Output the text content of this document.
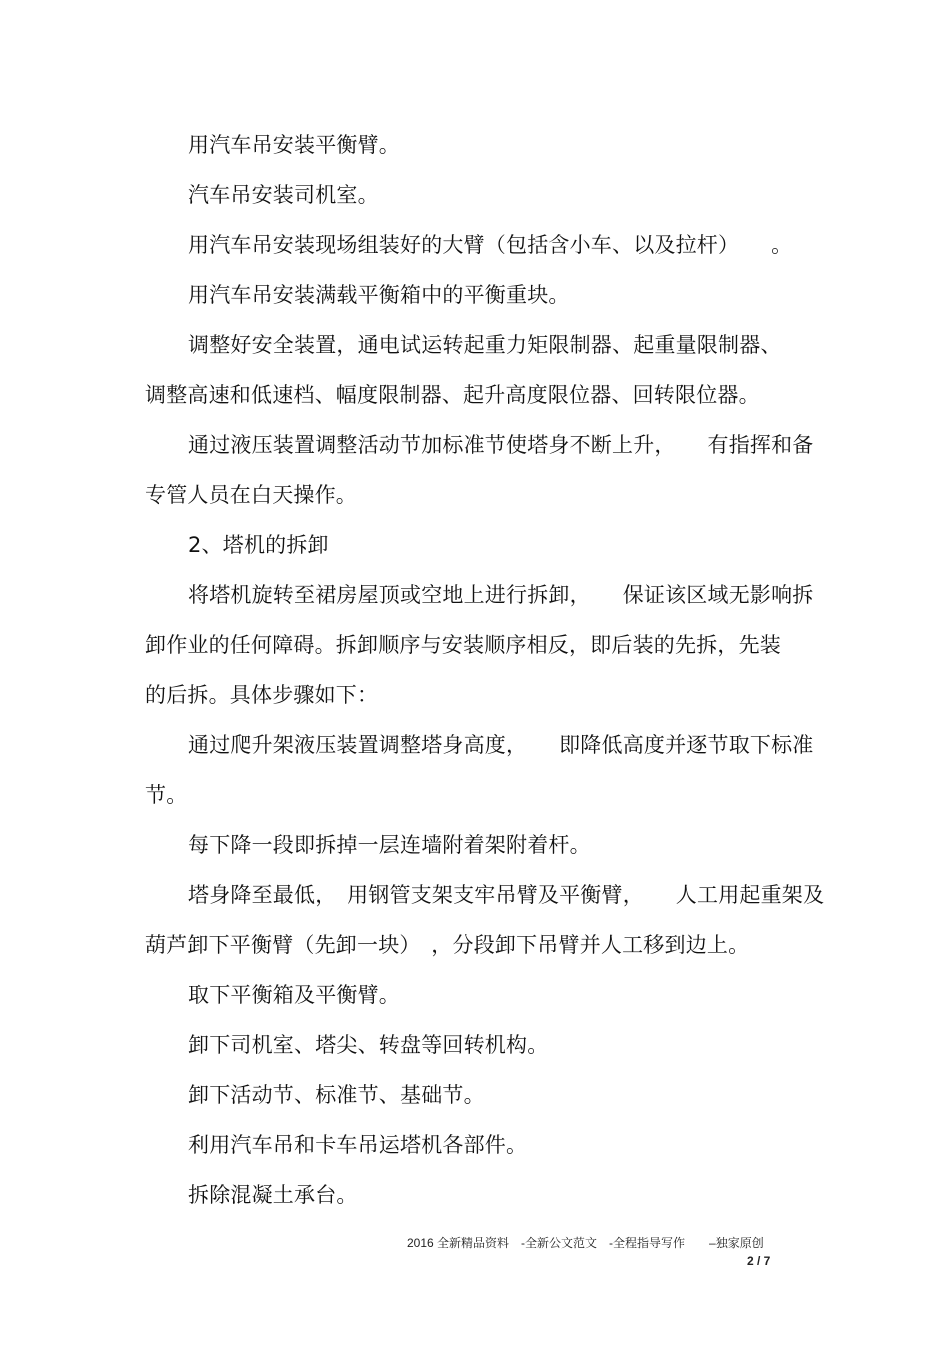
用汽车吊安装平衡臂。
汽车吊安装司机室。
用汽车吊安装现场组装好的大臂（包括含小车、以及拉杆）　　。
用汽车吊安装满载平衡箱中的平衡重块。
调整好安全装置，通电试运转起重力矩限制器、起重量限制器、
调整高速和低速档、幅度限制器、起升高度限位器、回转限位器。
通过液压装置调整活动节加标准节使塔身不断上升，　　有指挥和备
专管人员在白天操作。
2、塔机的拆卸
将塔机旋转至裙房屋顶或空地上进行拆卸，　　保证该区域无影响拆
卸作业的任何障碍。拆卸顺序与安装顺序相反，即后装的先拆，先装
的后拆。具体步骤如下：
通过爬升架液压装置调整塔身高度，　　即降低高度并逐节取下标准
节。
每下降一段即拆掉一层连墙附着架附着杆。
塔身降至最低，　用钢管支架支牢吊臂及平衡臂，　　人工用起重架及
葫芦卸下平衡臂（先卸一块）　，分段卸下吊臂并人工移到边上。
取下平衡箱及平衡臂。
卸下司机室、塔尖、转盘等回转机构。
卸下活动节、标准节、基础节。
利用汽车吊和卡车吊运塔机各部件。
拆除混凝土承台。
2016 全新精品资料　-全新公文范文　-全程指导写作　　–独家原创
2 / 7
